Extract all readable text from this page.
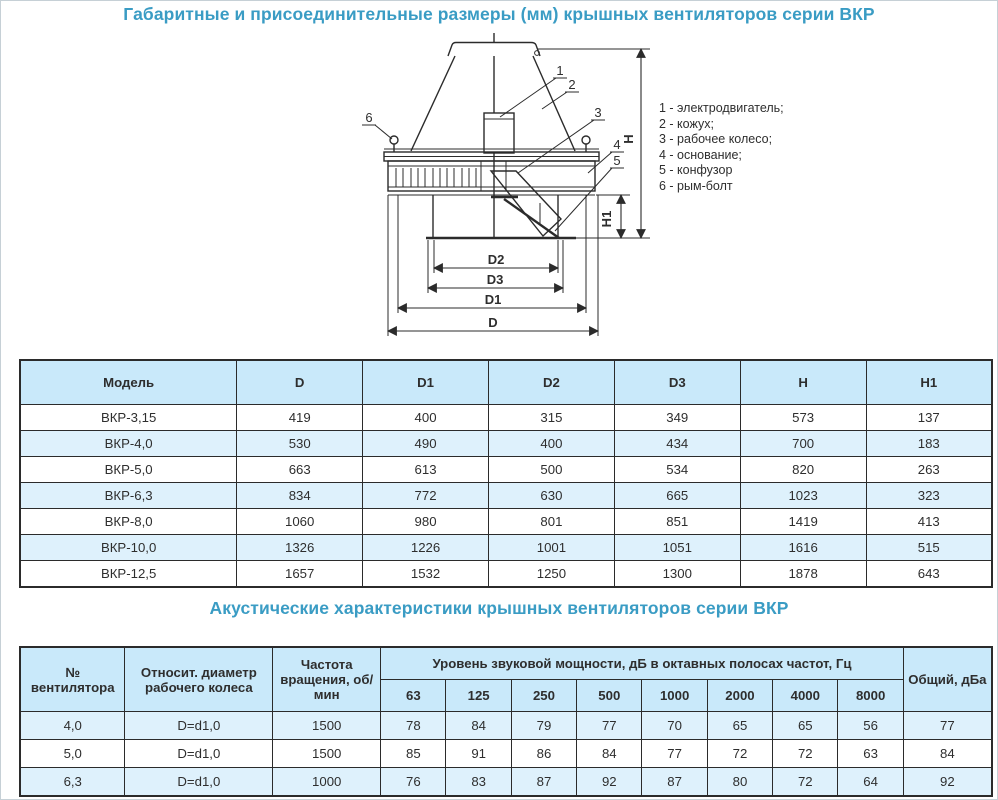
Габаритные и присоединительные размеры (мм) крышных вентиляторов серии ВКР
H
H1
D2
D3
D1
D
6
1
2
3
4
5
1 - электродвигатель;
2 - кожух;
3 - рабочее колесо;
4 - основание;
5 - конфузор
6 - рым-болт
Модель	D	D1	D2	D3	H	H1
ВКР-3,15	419	400	315	349	573	137
ВКР-4,0	530	490	400	434	700	183
ВКР-5,0	663	613	500	534	820	263
ВКР-6,3	834	772	630	665	1023	323
ВКР-8,0	1060	980	801	851	1419	413
ВКР-10,0	1326	1226	1001	1051	1616	515
ВКР-12,5	1657	1532	1250	1300	1878	643
Акустические характеристики крышных вентиляторов серии ВКР
№ вентилятора	Относит. диаметр рабочего колеса	Частота вращения, об/мин	Уровень звуковой мощности, дБ в октавных полосах частот, Гц								Общий, дБа
			63	125	250	500	1000	2000	4000	8000	
4,0	D=d1,0	1500	78	84	79	77	70	65	65	56	77
5,0	D=d1,0	1500	85	91	86	84	77	72	72	63	84
6,3	D=d1,0	1000	76	83	87	92	87	80	72	64	92
